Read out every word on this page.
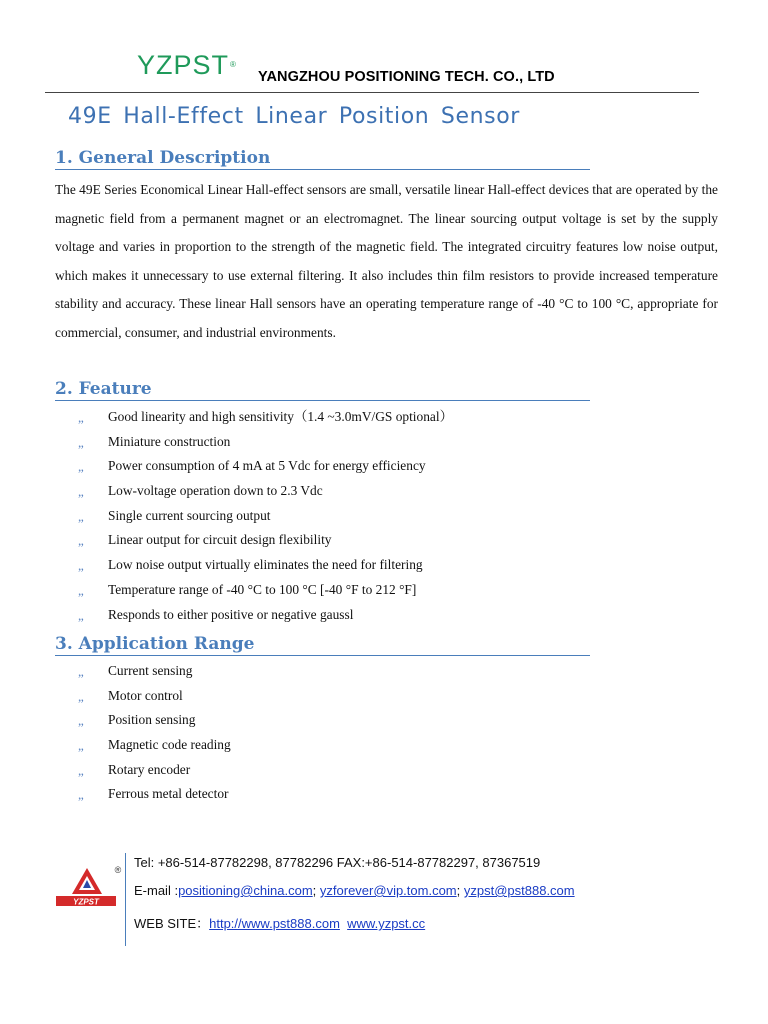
YZPST®
YANGZHOU POSITIONING TECH. CO., LTD
49E Hall-Effect Linear Position Sensor
1. General Description
The 49E Series Economical Linear Hall-effect sensors are small, versatile linear Hall-effect devices that are operated by the magnetic field from a permanent magnet or an electromagnet. The linear sourcing output voltage is set by the supply voltage and varies in proportion to the strength of the magnetic field. The integrated circuitry features low noise output, which makes it unnecessary to use external filtering. It also includes thin film resistors to provide increased temperature stability and accuracy. These linear Hall sensors have an operating temperature range of -40 °C to 100 °C, appropriate for commercial, consumer, and industrial environments.
2. Feature
„ Good linearity and high sensitivity（1.4 ~3.0mV/GS optional）
„ Miniature construction
„ Power consumption of 4 mA at 5 Vdc for energy efficiency
„ Low-voltage operation down to 2.3 Vdc
„ Single current sourcing output
„ Linear output for circuit design flexibility
„ Low noise output virtually eliminates the need for filtering
„ Temperature range of -40 °C to 100 °C [-40 °F to 212 °F]
„ Responds to either positive or negative gaussl
3. Application Range
„ Current sensing
„ Motor control
„ Position sensing
„ Magnetic code reading
„ Rotary encoder
„ Ferrous metal detector
YZPST
® Tel: +86-514-87782298, 87782296 FAX:+86-514-87782297, 87367519
E-mail :positioning@china.com; yzforever@vip.tom.com; yzpst@pst888.com
WEB SITE：http://www.pst888.com www.yzpst.cc
